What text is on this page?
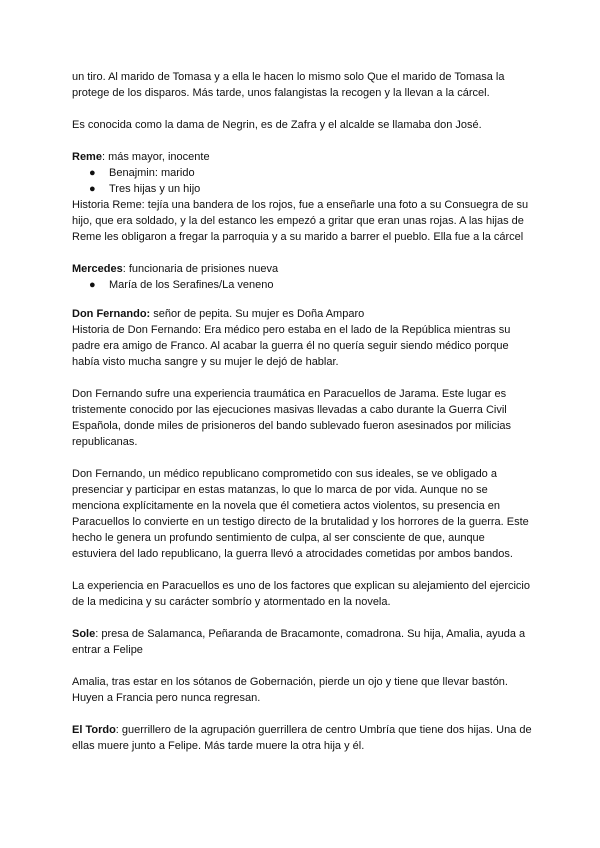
un tiro. Al marido de Tomasa y a ella le hacen lo mismo solo Que el marido de Tomasa la protege de los disparos. Más tarde, unos falangistas la recogen y la llevan a la cárcel.

Es conocida como la dama de Negrin, es de Zafra y el alcalde se llamaba don José.

Reme: más mayor, inocente

●	Benajmin: marido
●	Tres hijas y un hijo

Historia Reme: tejía una bandera de los rojos, fue a enseñarle una foto a su Consuegra de su hijo, que era soldado, y la del estanco les empezó a gritar que eran unas rojas. A las hijas de Reme les obligaron a fregar la parroquia y a su marido a barrer el pueblo. Ella fue a la cárcel

Mercedes: funcionaria de prisiones nueva

●	María de los Serafines/La veneno

Don Fernando: señor de pepita. Su mujer es Doña Amparo

Historia de Don Fernando: Era médico pero estaba en el lado de la República mientras su padre era amigo de Franco. Al acabar la guerra él no quería seguir siendo médico porque había visto mucha sangre y su mujer le dejó de hablar.

Don Fernando sufre una experiencia traumática en Paracuellos de Jarama. Este lugar es tristemente conocido por las ejecuciones masivas llevadas a cabo durante la Guerra Civil Española, donde miles de prisioneros del bando sublevado fueron asesinados por milicias republicanas.

Don Fernando, un médico republicano comprometido con sus ideales, se ve obligado a presenciar y participar en estas matanzas, lo que lo marca de por vida. Aunque no se menciona explícitamente en la novela que él cometiera actos violentos, su presencia en Paracuellos lo convierte en un testigo directo de la brutalidad y los horrores de la guerra. Este hecho le genera un profundo sentimiento de culpa, al ser consciente de que, aunque estuviera del lado republicano, la guerra llevó a atrocidades cometidas por ambos bandos.

La experiencia en Paracuellos es uno de los factores que explican su alejamiento del ejercicio de la medicina y su carácter sombrío y atormentado en la novela.

Sole: presa de Salamanca, Peñaranda de Bracamonte, comadrona. Su hija, Amalia, ayuda a entrar a Felipe

Amalia, tras estar en los sótanos de Gobernación, pierde un ojo y tiene que llevar bastón. Huyen a Francia pero nunca regresan.

El Tordo: guerrillero de la agrupación guerrillera de centro Umbría que tiene dos hijas. Una de ellas muere junto a Felipe. Más tarde muere la otra hija y él.
